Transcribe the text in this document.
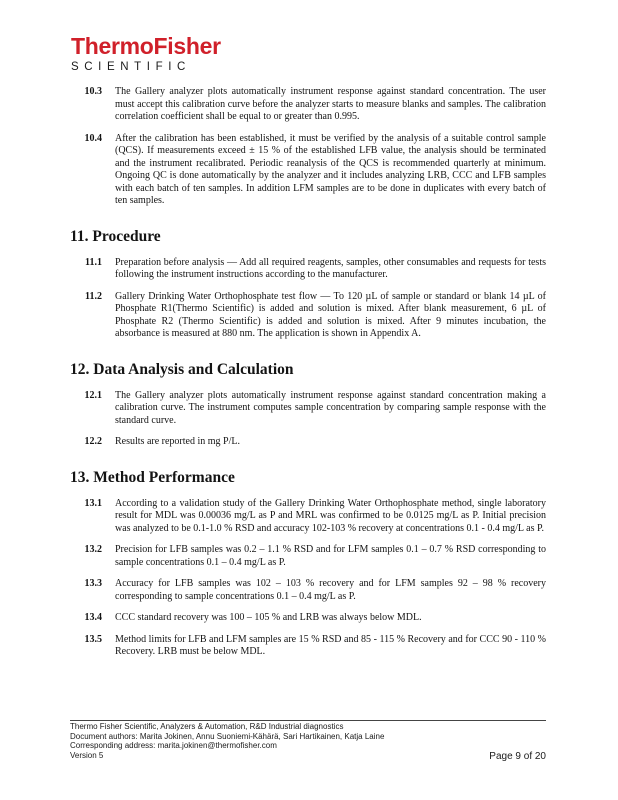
ThermoFisher
SCIENTIFIC
10.3	The Gallery analyzer plots automatically instrument response against standard concentration. The user must accept this calibration curve before the analyzer starts to measure blanks and samples. The calibration correlation coefficient shall be equal to or greater than 0.995.
10.4	After the calibration has been established, it must be verified by the analysis of a suitable control sample (QCS). If measurements exceed ± 15 % of the established LFB value, the analysis should be terminated and the instrument recalibrated. Periodic reanalysis of the QCS is recommended quarterly at minimum. Ongoing QC is done automatically by the analyzer and it includes analyzing LRB, CCC and LFB samples with each batch of ten samples. In addition LFM samples are to be done in duplicates with every batch of ten samples.
11. Procedure
11.1	Preparation before analysis — Add all required reagents, samples, other consumables and requests for tests following the instrument instructions according to the manufacturer.
11.2	Gallery Drinking Water Orthophosphate test flow — To 120 µL of sample or standard or blank 14 µL of Phosphate R1(Thermo Scientific) is added and solution is mixed. After blank measurement, 6 µL of Phosphate R2 (Thermo Scientific) is added and solution is mixed. After 9 minutes incubation, the absorbance is measured at 880 nm. The application is shown in Appendix A.
12. Data Analysis and Calculation
12.1	The Gallery analyzer plots automatically instrument response against standard concentration making a calibration curve. The instrument computes sample concentration by comparing sample response with the standard curve.
12.2	Results are reported in mg P/L.
13. Method Performance
13.1	According to a validation study of the Gallery Drinking Water Orthophosphate method, single laboratory result for MDL was 0.00036 mg/L as P and MRL was confirmed to be 0.0125 mg/L as P. Initial precision was analyzed to be 0.1-1.0 % RSD and accuracy 102-103 % recovery at concentrations 0.1 - 0.4 mg/L as P.
13.2	Precision for LFB samples was 0.2 – 1.1 % RSD and for LFM samples 0.1 – 0.7 % RSD corresponding to sample concentrations 0.1 – 0.4 mg/L as P.
13.3	Accuracy for LFB samples was 102 – 103 % recovery and for LFM samples 92 – 98 % recovery corresponding to sample concentrations 0.1 – 0.4 mg/L as P.
13.4	CCC standard recovery was 100 – 105 % and LRB was always below MDL.
13.5	Method limits for LFB and LFM samples are 15 % RSD and 85 - 115 % Recovery and for CCC 90 - 110 % Recovery. LRB must be below MDL.
Thermo Fisher Scientific, Analyzers & Automation, R&D Industrial diagnostics
Document authors: Marita Jokinen, Annu Suoniemi-Kähärä, Sari Hartikainen, Katja Laine
Corresponding address: marita.jokinen@thermofisher.com
Version 5	Page 9 of 20
